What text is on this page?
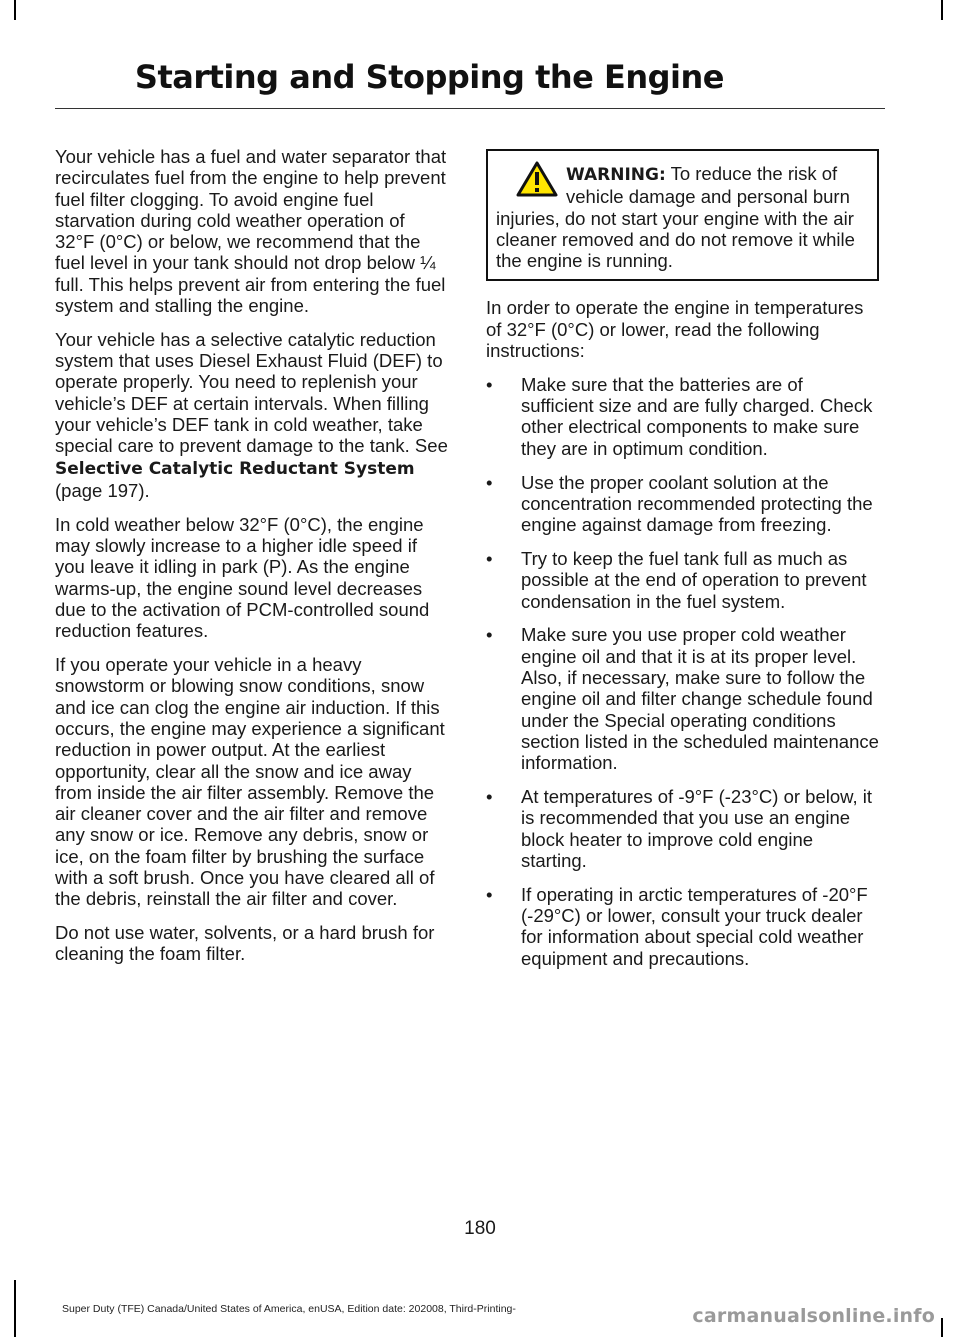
Starting and Stopping the Engine

Your vehicle has a fuel and water separator that recirculates fuel from the engine to help prevent fuel filter clogging. To avoid engine fuel starvation during cold weather operation of 32°F (0°C) or below, we recommend that the fuel level in your tank should not drop below ¼ full. This helps prevent air from entering the fuel system and stalling the engine.

Your vehicle has a selective catalytic reduction system that uses Diesel Exhaust Fluid (DEF) to operate properly. You need to replenish your vehicle’s DEF at certain intervals. When filling your vehicle’s DEF tank in cold weather, take special care to prevent damage to the tank. See Selective Catalytic Reductant System (page 197).

In cold weather below 32°F (0°C), the engine may slowly increase to a higher idle speed if you leave it idling in park (P). As the engine warms-up, the engine sound level decreases due to the activation of PCM-controlled sound reduction features.

If you operate your vehicle in a heavy snowstorm or blowing snow conditions, snow and ice can clog the engine air induction. If this occurs, the engine may experience a significant reduction in power output. At the earliest opportunity, clear all the snow and ice away from inside the air filter assembly. Remove the air cleaner cover and the air filter and remove any snow or ice. Remove any debris, snow or ice, on the foam filter by brushing the surface with a soft brush. Once you have cleared all of the debris, reinstall the air filter and cover.

Do not use water, solvents, or a hard brush for cleaning the foam filter.

WARNING: To reduce the risk of vehicle damage and personal burn injuries, do not start your engine with the air cleaner removed and do not remove it while the engine is running.

In order to operate the engine in temperatures of 32°F (0°C) or lower, read the following instructions:

•	Make sure that the batteries are of sufficient size and are fully charged. Check other electrical components to make sure they are in optimum condition.
•	Use the proper coolant solution at the concentration recommended protecting the engine against damage from freezing.
•	Try to keep the fuel tank full as much as possible at the end of operation to prevent condensation in the fuel system.
•	Make sure you use proper cold weather engine oil and that it is at its proper level. Also, if necessary, make sure to follow the engine oil and filter change schedule found under the Special operating conditions section listed in the scheduled maintenance information.
•	At temperatures of -9°F (-23°C) or below, it is recommended that you use an engine block heater to improve cold engine starting.
•	If operating in arctic temperatures of -20°F (-29°C) or lower, consult your truck dealer for information about special cold weather equipment and precautions.
180
Super Duty (TFE) Canada/United States of America, enUSA, Edition date: 202008, Third-Printing-	carmanualsonline.info
